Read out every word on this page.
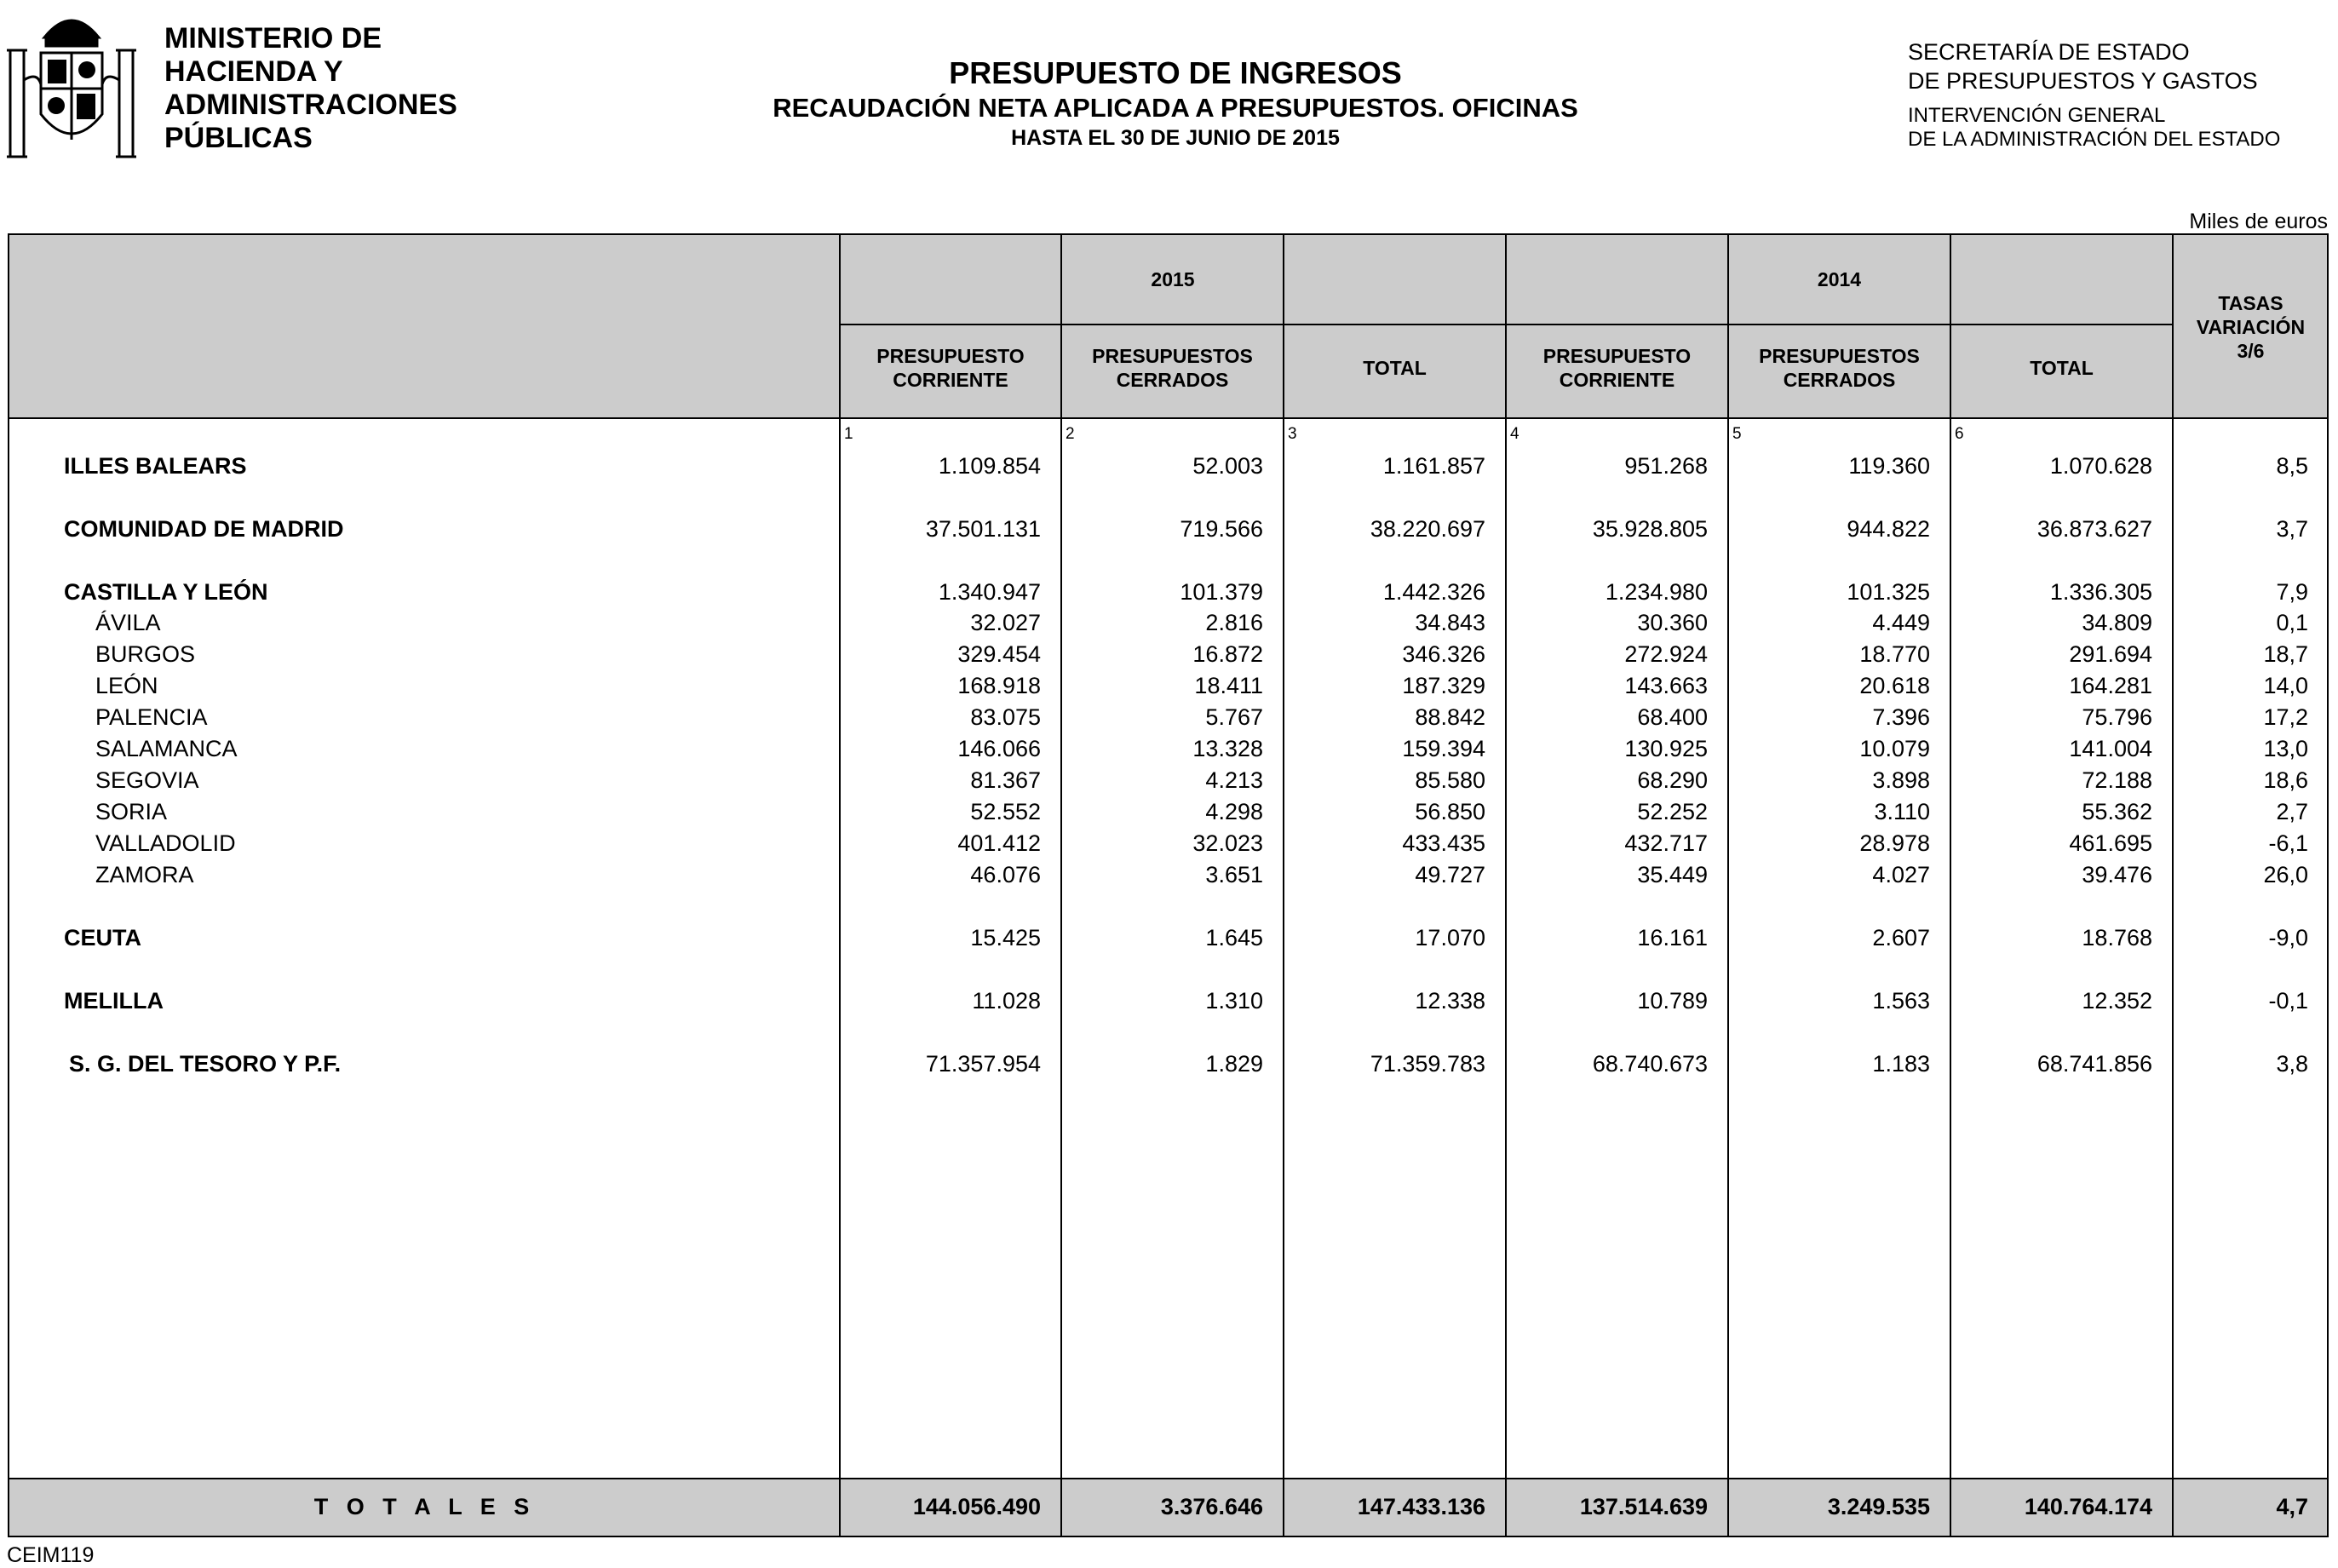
MINISTERIO DE
HACIENDA Y
ADMINISTRACIONES
PÚBLICAS
PRESUPUESTO DE INGRESOS
RECAUDACIÓN NETA APLICADA A PRESUPUESTOS. OFICINAS
HASTA EL 30 DE JUNIO DE 2015
SECRETARÍA DE ESTADO
DE PRESUPUESTOS Y GASTOS
INTERVENCIÓN GENERAL
DE LA ADMINISTRACIÓN DEL ESTADO
Miles de euros
2015	2014
PRESUPUESTO
CORRIENTE
PRESUPUESTOS
CERRADOS
TOTAL
PRESUPUESTO
CORRIENTE
PRESUPUESTOS
CERRADOS
TOTAL
TASAS
VARIACIÓN
3/6
1	2	3	4	5	6
ILLES BALEARS	1.109.854	52.003	1.161.857	951.268	119.360	1.070.628	8,5
COMUNIDAD DE MADRID	37.501.131	719.566	38.220.697	35.928.805	944.822	36.873.627	3,7
CASTILLA Y LEÓN	1.340.947	101.379	1.442.326	1.234.980	101.325	1.336.305	7,9
ÁVILA	32.027	2.816	34.843	30.360	4.449	34.809	0,1
BURGOS	329.454	16.872	346.326	272.924	18.770	291.694	18,7
LEÓN	168.918	18.411	187.329	143.663	20.618	164.281	14,0
PALENCIA	83.075	5.767	88.842	68.400	7.396	75.796	17,2
SALAMANCA	146.066	13.328	159.394	130.925	10.079	141.004	13,0
SEGOVIA	81.367	4.213	85.580	68.290	3.898	72.188	18,6
SORIA	52.552	4.298	56.850	52.252	3.110	55.362	2,7
VALLADOLID	401.412	32.023	433.435	432.717	28.978	461.695	-6,1
ZAMORA	46.076	3.651	49.727	35.449	4.027	39.476	26,0
CEUTA	15.425	1.645	17.070	16.161	2.607	18.768	-9,0
MELILLA	11.028	1.310	12.338	10.789	1.563	12.352	-0,1
S. G. DEL TESORO Y P.F.	71.357.954	1.829	71.359.783	68.740.673	1.183	68.741.856	3,8
T O T A L E S	144.056.490	3.376.646	147.433.136	137.514.639	3.249.535	140.764.174	4,7
CEIM119
